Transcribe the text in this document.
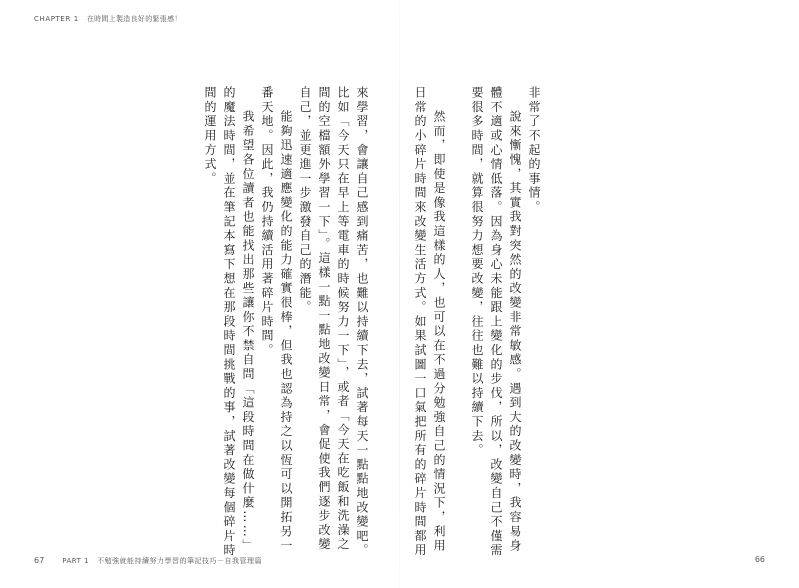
CHAPTER 1 在時間上製造良好的緊張感！
非常了不起的事情。
說來慚愧，其實我對突然的改變非常敏感。遇到大的改變時，我容易身
體不適或心情低落。因為身心未能跟上變化的步伐，所以，改變自己不僅需
要很多時間，就算很努力想要改變，往往也難以持續下去。
然而，即使是像我這樣的人，也可以在不過分勉強自己的情況下，利用
日常的小碎片時間來改變生活方式。如果試圖一口氣把所有的碎片時間都用
來學習，會讓自己感到痛苦，也難以持續下去，試著每天一點點地改變吧。
比如「今天只在早上等電車的時候努力一下」，或者「今天在吃飯和洗澡之
間的空檔額外學習一下」。這樣一點一點地改變日常，會促使我們逐步改變
自己，並更進一步激發自己的潛能。
能夠迅速適應變化的能力確實很棒，但我也認為持之以恆可以開拓另一
番天地。因此，我仍持續活用著碎片時間。
我希望各位讀者也能找出那些讓你不禁自問「這段時間在做什麼……」
的魔法時間，並在筆記本寫下想在那段時間挑戰的事，試著改變每個碎片時
間的運用方式。
67	PART 1 不勉強就能持續努力學習的筆記技巧－自我管理篇	66
